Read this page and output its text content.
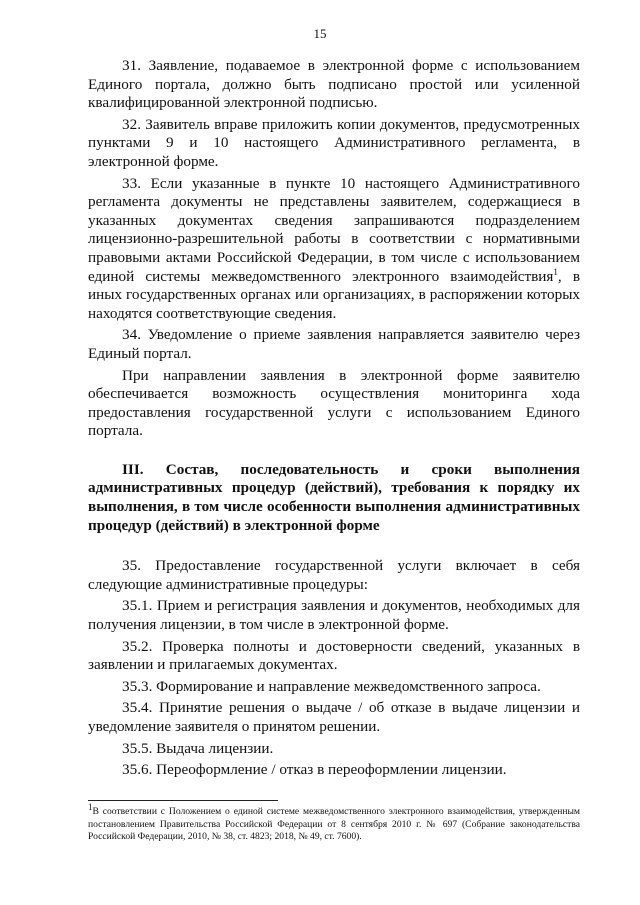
15

31. Заявление, подаваемое в электронной форме с использованием Единого портала, должно быть подписано простой или усиленной квалифицированной электронной подписью.

32. Заявитель вправе приложить копии документов, предусмотренных пунктами 9 и 10 настоящего Административного регламента, в электронной форме.

33. Если указанные в пункте 10 настоящего Административного регламента документы не представлены заявителем, содержащиеся в указанных документах сведения запрашиваются подразделением лицензионно-разрешительной работы в соответствии с нормативными правовыми актами Российской Федерации, в том числе с использованием единой системы межведомственного электронного взаимодействия$^1$, в иных государственных органах или организациях, в распоряжении которых находятся соответствующие сведения.

34. Уведомление о приеме заявления направляется заявителю через Единый портал.

При направлении заявления в электронной форме заявителю обеспечивается возможность осуществления мониторинга хода предоставления государственной услуги с использованием Единого портала.

III. Состав, последовательность и сроки выполнения административных процедур (действий), требования к порядку их выполнения, в том числе особенности выполнения административных процедур (действий) в электронной форме

35. Предоставление государственной услуги включает в себя следующие административные процедуры:

35.1. Прием и регистрация заявления и документов, необходимых для получения лицензии, в том числе в электронной форме.

35.2. Проверка полноты и достоверности сведений, указанных в заявлении и прилагаемых документах.

35.3. Формирование и направление межведомственного запроса.

35.4. Принятие решения о выдаче / об отказе в выдаче лицензии и уведомление заявителя о принятом решении.

35.5. Выдача лицензии.

35.6. Переоформление / отказ в переоформлении лицензии.

1В соответствии с Положением о единой системе межведомственного электронного взаимодействия, утвержденным постановлением Правительства Российской Федерации от 8 сентября 2010 г. № 697 (Собрание законодательства Российской Федерации, 2010, № 38, ст. 4823; 2018, № 49, ст. 7600).
